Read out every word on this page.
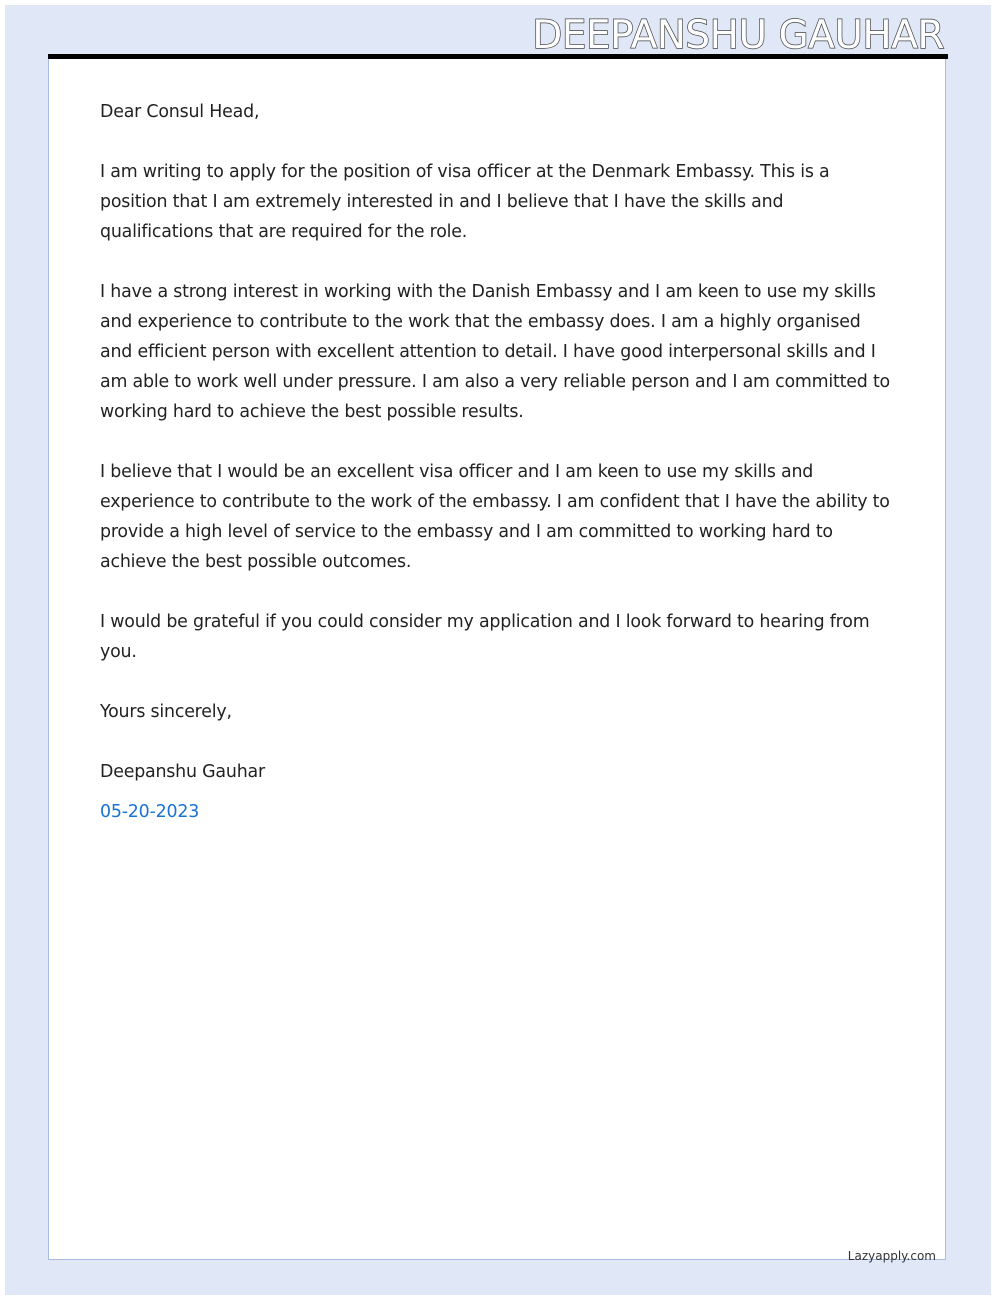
DEEPANSHU GAUHAR

Dear Consul Head,

I am writing to apply for the position of visa officer at the Denmark Embassy. This is a position that I am extremely interested in and I believe that I have the skills and qualifications that are required for the role.

I have a strong interest in working with the Danish Embassy and I am keen to use my skills and experience to contribute to the work that the embassy does. I am a highly organised and efficient person with excellent attention to detail. I have good interpersonal skills and I am able to work well under pressure. I am also a very reliable person and I am committed to working hard to achieve the best possible results.

I believe that I would be an excellent visa officer and I am keen to use my skills and experience to contribute to the work of the embassy. I am confident that I have the ability to provide a high level of service to the embassy and I am committed to working hard to achieve the best possible outcomes.

I would be grateful if you could consider my application and I look forward to hearing from you.

Yours sincerely,

Deepanshu Gauhar

05-20-2023

Lazyapply.com
